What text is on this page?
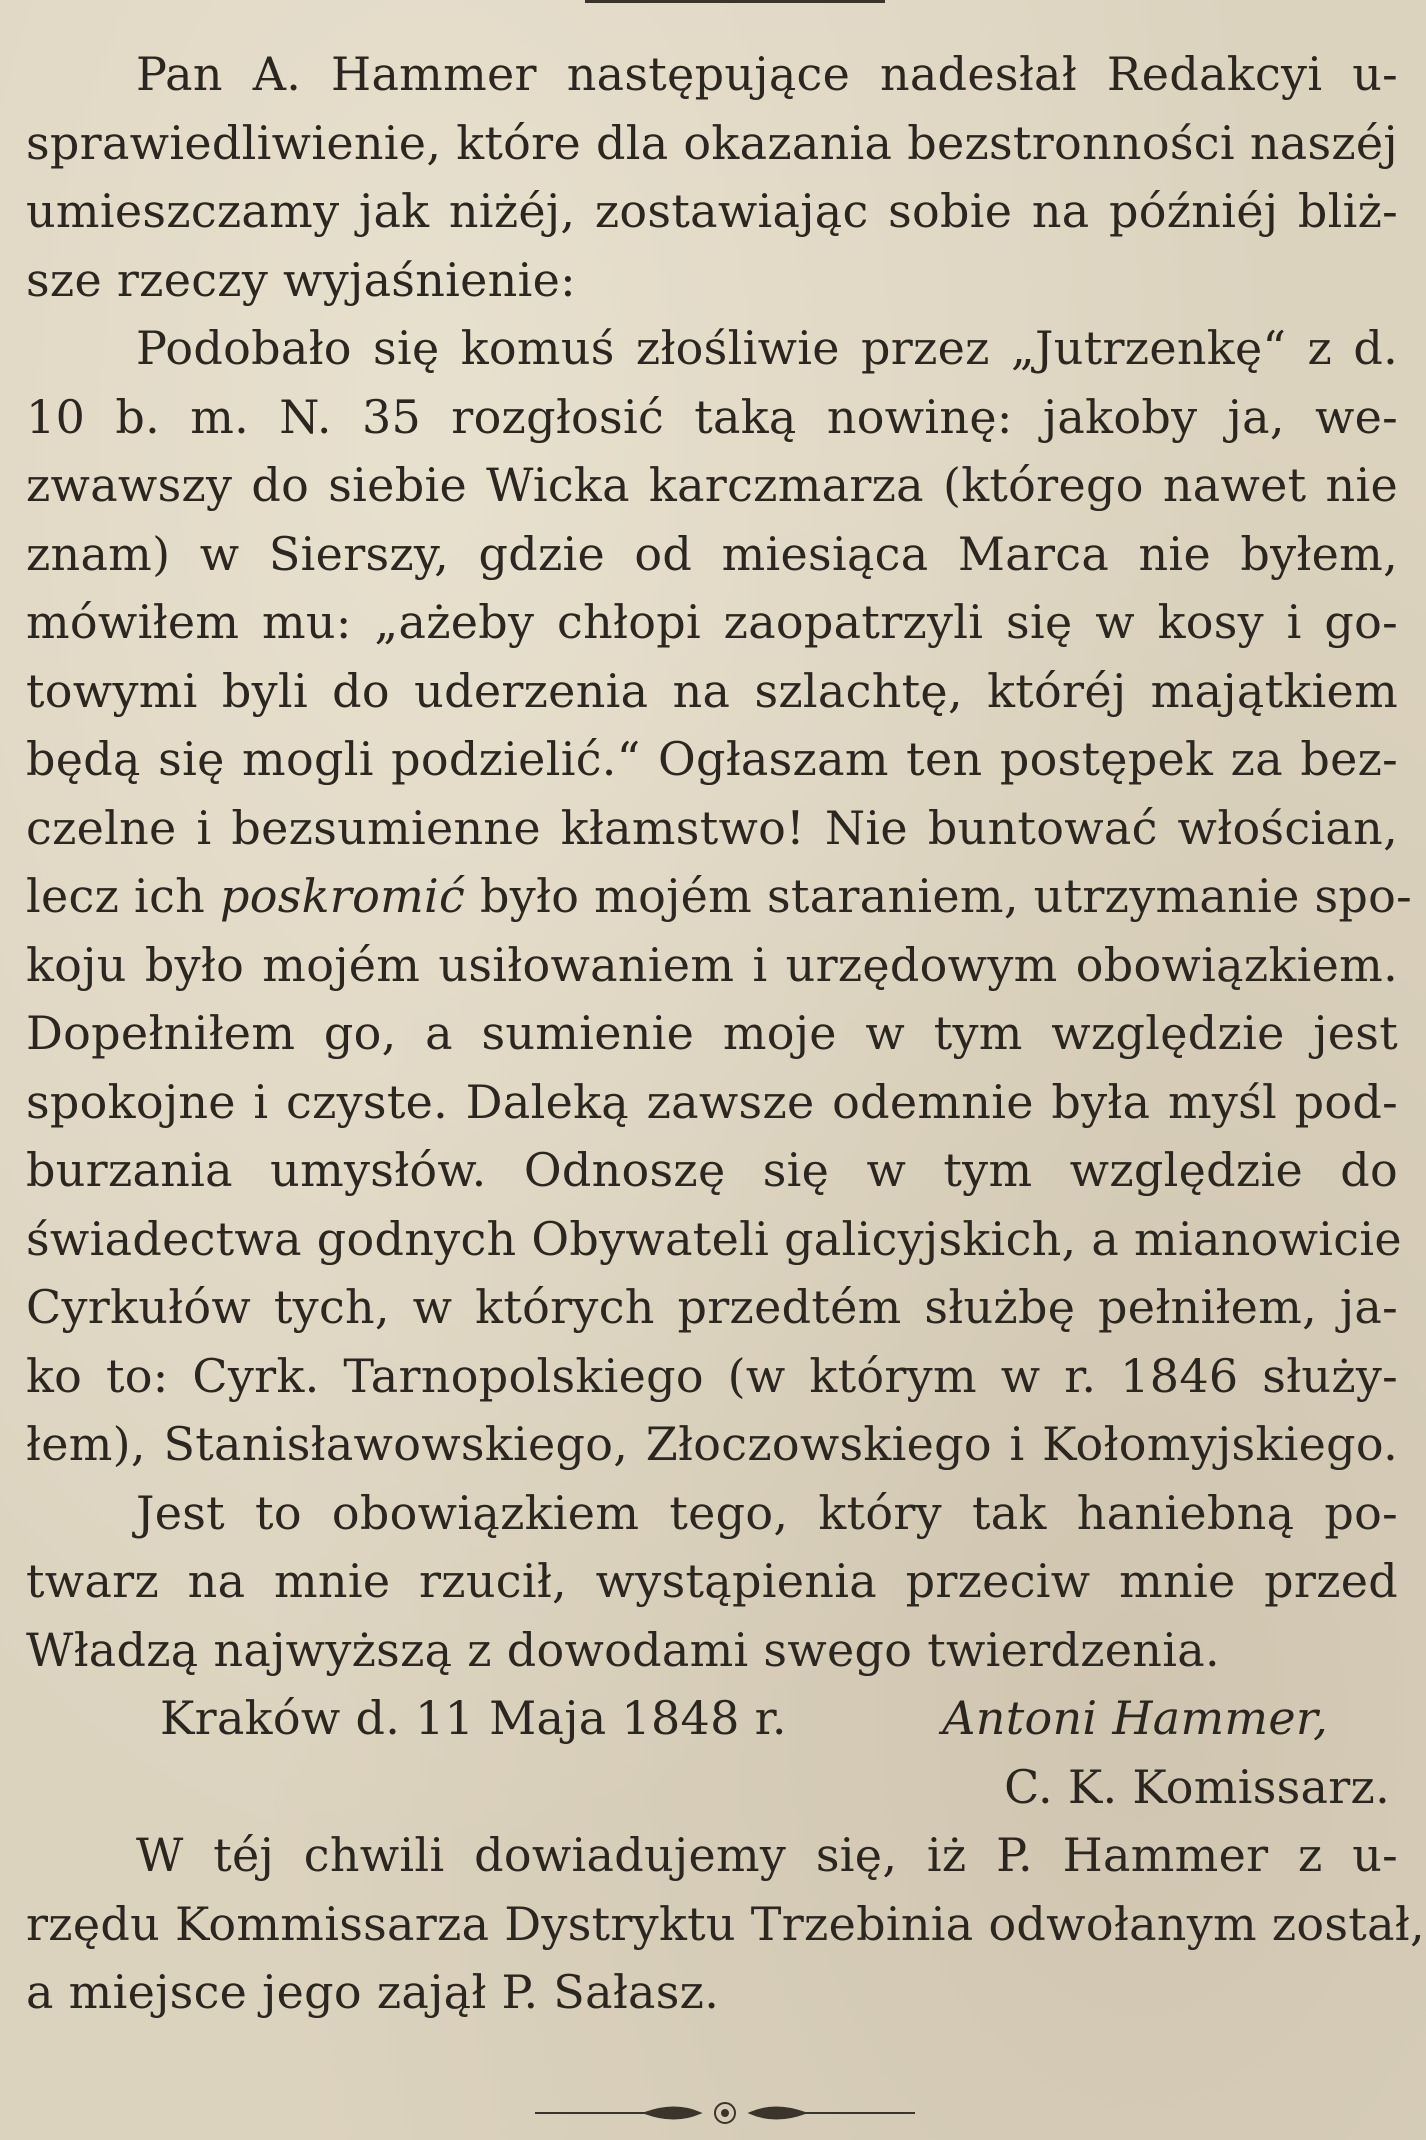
Pan A. Hammer następujące nadesłał Redakcyi u-
sprawiedliwienie, które dla okazania bezstronności naszéj
umieszczamy jak niżéj, zostawiając sobie na późniéj bliż-
sze rzeczy wyjaśnienie:

Podobało się komuś złośliwie przez „Jutrzenkę“ z d.
10 b. m. N. 35 rozgłosić taką nowinę: jakoby ja, we-
zwawszy do siebie Wicka karczmarza (którego nawet nie
znam) w Sierszy, gdzie od miesiąca Marca nie byłem,
mówiłem mu: „ażeby chłopi zaopatrzyli się w kosy i go-
towymi byli do uderzenia na szlachtę, któréj majątkiem
będą się mogli podzielić.“ Ogłaszam ten postępek za bez-
czelne i bezsumienne kłamstwo! Nie buntować włościan,
lecz ich poskromić było mojém staraniem, utrzymanie spo-
koju było mojém usiłowaniem i urzędowym obowiązkiem.
Dopełniłem go, a sumienie moje w tym względzie jest
spokojne i czyste. Daleką zawsze odemnie była myśl pod-
burzania umysłów. Odnoszę się w tym względzie do
świadectwa godnych Obywateli galicyjskich, a mianowicie
Cyrkułów tych, w których przedtém służbę pełniłem, ja-
ko to: Cyrk. Tarnopolskiego (w którym w r. 1846 służy-
łem), Stanisławowskiego, Złoczowskiego i Kołomyjskiego.

Jest to obowiązkiem tego, który tak haniebną po-
twarz na mnie rzucił, wystąpienia przeciw mnie przed
Władzą najwyższą z dowodami swego twierdzenia.

Kraków d. 11 Maja 1848 r.	Antoni Hammer,
C. K. Komissarz.

W téj chwili dowiadujemy się, iż P. Hammer z u-
rzędu Kommissarza Dystryktu Trzebinia odwołanym został,
a miejsce jego zajął P. Sałasz.
